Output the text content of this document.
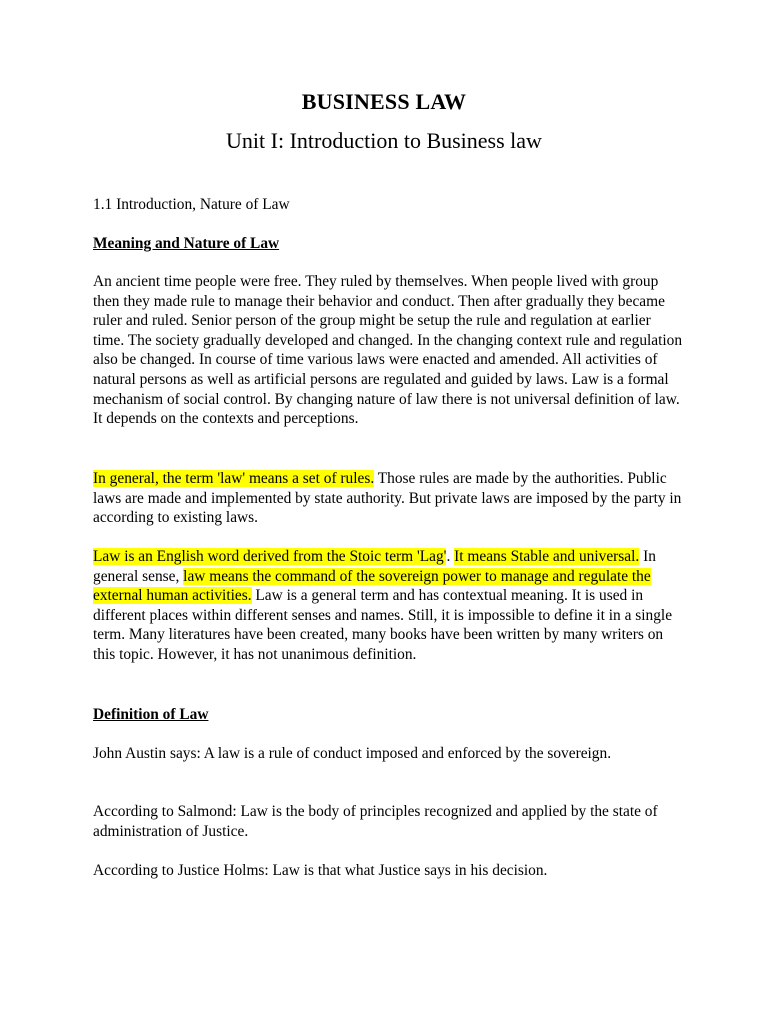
BUSINESS LAW
Unit I: Introduction to Business law

1.1 Introduction, Nature of Law

Meaning and Nature of Law

An ancient time people were free. They ruled by themselves. When people lived with group then they made rule to manage their behavior and conduct. Then after gradually they became ruler and ruled. Senior person of the group might be setup the rule and regulation at earlier time. The society gradually developed and changed. In the changing context rule and regulation also be changed. In course of time various laws were enacted and amended. All activities of natural persons as well as artificial persons are regulated and guided by laws. Law is a formal mechanism of social control. By changing nature of law there is not universal definition of law. It depends on the contexts and perceptions.

In general, the term 'law' means a set of rules. Those rules are made by the authorities. Public laws are made and implemented by state authority. But private laws are imposed by the party in according to existing laws.

Law is an English word derived from the Stoic term 'Lag'. It means Stable and universal. In general sense, law means the command of the sovereign power to manage and regulate the external human activities. Law is a general term and has contextual meaning. It is used in different places within different senses and names. Still, it is impossible to define it in a single term. Many literatures have been created, many books have been written by many writers on this topic. However, it has not unanimous definition.

Definition of Law

John Austin says: A law is a rule of conduct imposed and enforced by the sovereign.

According to Salmond: Law is the body of principles recognized and applied by the state of administration of Justice.

According to Justice Holms: Law is that what Justice says in his decision.
